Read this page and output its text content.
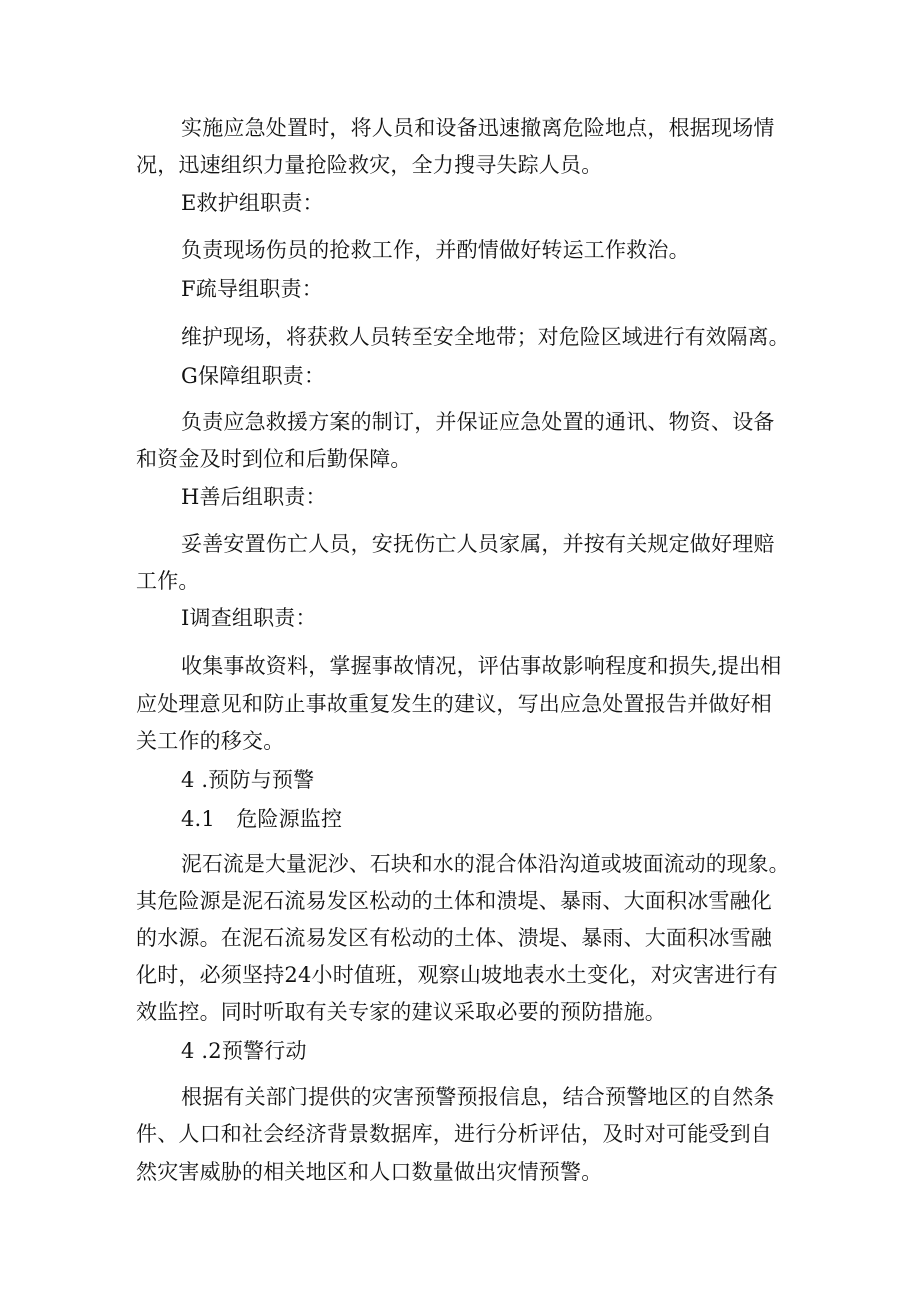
实施应急处置时，将人员和设备迅速撤离危险地点，根据现场情
况，迅速组织力量抢险救灾，全力搜寻失踪人员。
E救护组职责：
负责现场伤员的抢救工作，并酌情做好转运工作救治。
F疏导组职责：
维护现场，将获救人员转至安全地带；对危险区域进行有效隔离。
G保障组职责：
负责应急救援方案的制订，并保证应急处置的通讯、物资、设备
和资金及时到位和后勤保障。
H善后组职责：
妥善安置伤亡人员，安抚伤亡人员家属，并按有关规定做好理赔
工作。
I调查组职责：
收集事故资料，掌握事故情况，评估事故影响程度和损失,提出相
应处理意见和防止事故重复发生的建议，写出应急处置报告并做好相
关工作的移交。
4 .预防与预警
4.1　危险源监控
泥石流是大量泥沙、石块和水的混合体沿沟道或坡面流动的现象。
其危险源是泥石流易发区松动的土体和溃堤、暴雨、大面积冰雪融化
的水源。在泥石流易发区有松动的土体、溃堤、暴雨、大面积冰雪融
化时，必须坚持24小时值班，观察山坡地表水土变化，对灾害进行有
效监控。同时听取有关专家的建议采取必要的预防措施。
4 .2预警行动
根据有关部门提供的灾害预警预报信息，结合预警地区的自然条
件、人口和社会经济背景数据库，进行分析评估，及时对可能受到自
然灾害威胁的相关地区和人口数量做出灾情预警。
